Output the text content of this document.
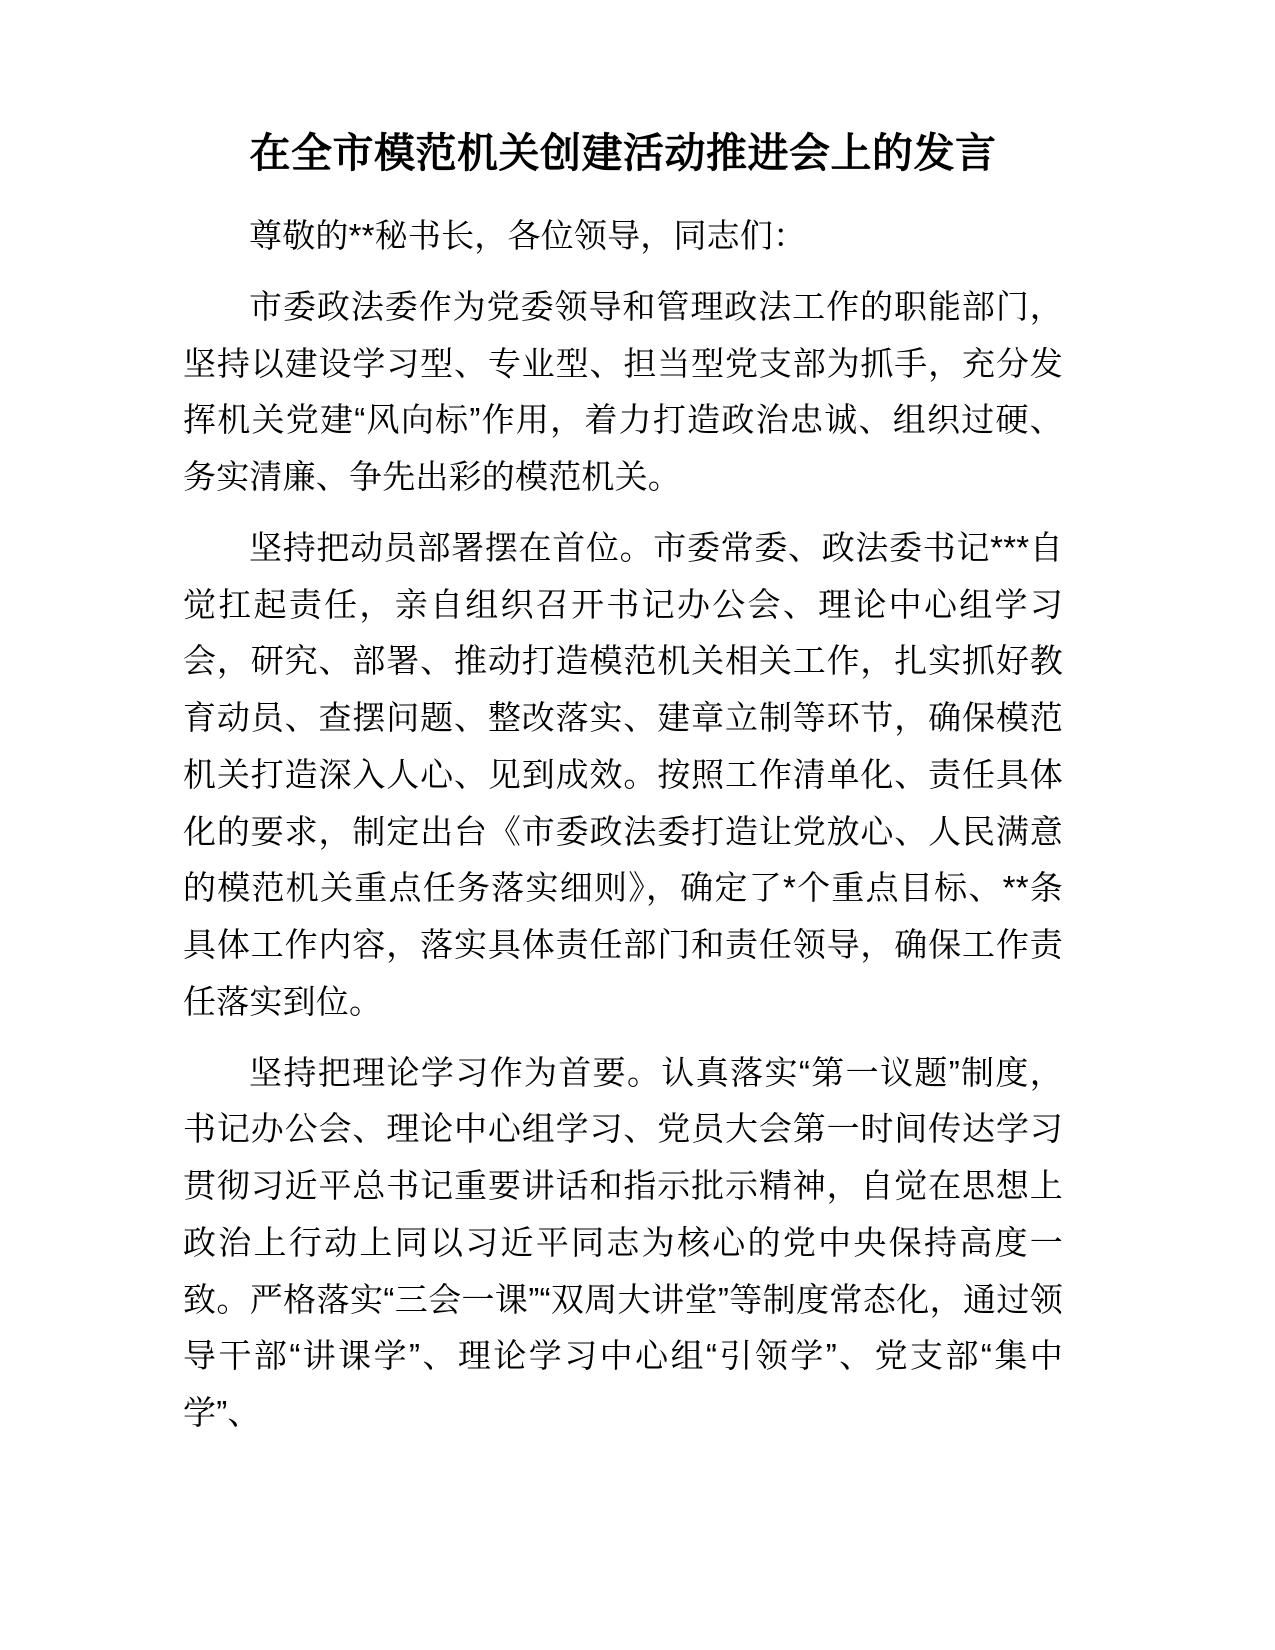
在全市模范机关创建活动推进会上的发言

尊敬的**秘书长，各位领导，同志们：

市委政法委作为党委领导和管理政法工作的职能部门，坚持以建设学习型、专业型、担当型党支部为抓手，充分发挥机关党建“风向标”作用，着力打造政治忠诚、组织过硬、务实清廉、争先出彩的模范机关。

坚持把动员部署摆在首位。市委常委、政法委书记***自觉扛起责任，亲自组织召开书记办公会、理论中心组学习会，研究、部署、推动打造模范机关相关工作，扎实抓好教育动员、查摆问题、整改落实、建章立制等环节，确保模范机关打造深入人心、见到成效。按照工作清单化、责任具体化的要求，制定出台《市委政法委打造让党放心、人民满意的模范机关重点任务落实细则》，确定了*个重点目标、**条具体工作内容，落实具体责任部门和责任领导，确保工作责任落实到位。

坚持把理论学习作为首要。认真落实“第一议题”制度，书记办公会、理论中心组学习、党员大会第一时间传达学习贯彻习近平总书记重要讲话和指示批示精神，自觉在思想上政治上行动上同以习近平同志为核心的党中央保持高度一致。严格落实“三会一课”“双周大讲堂”等制度常态化，通过领导干部“讲课学”、理论学习中心组“引领学”、党支部“集中学”、
